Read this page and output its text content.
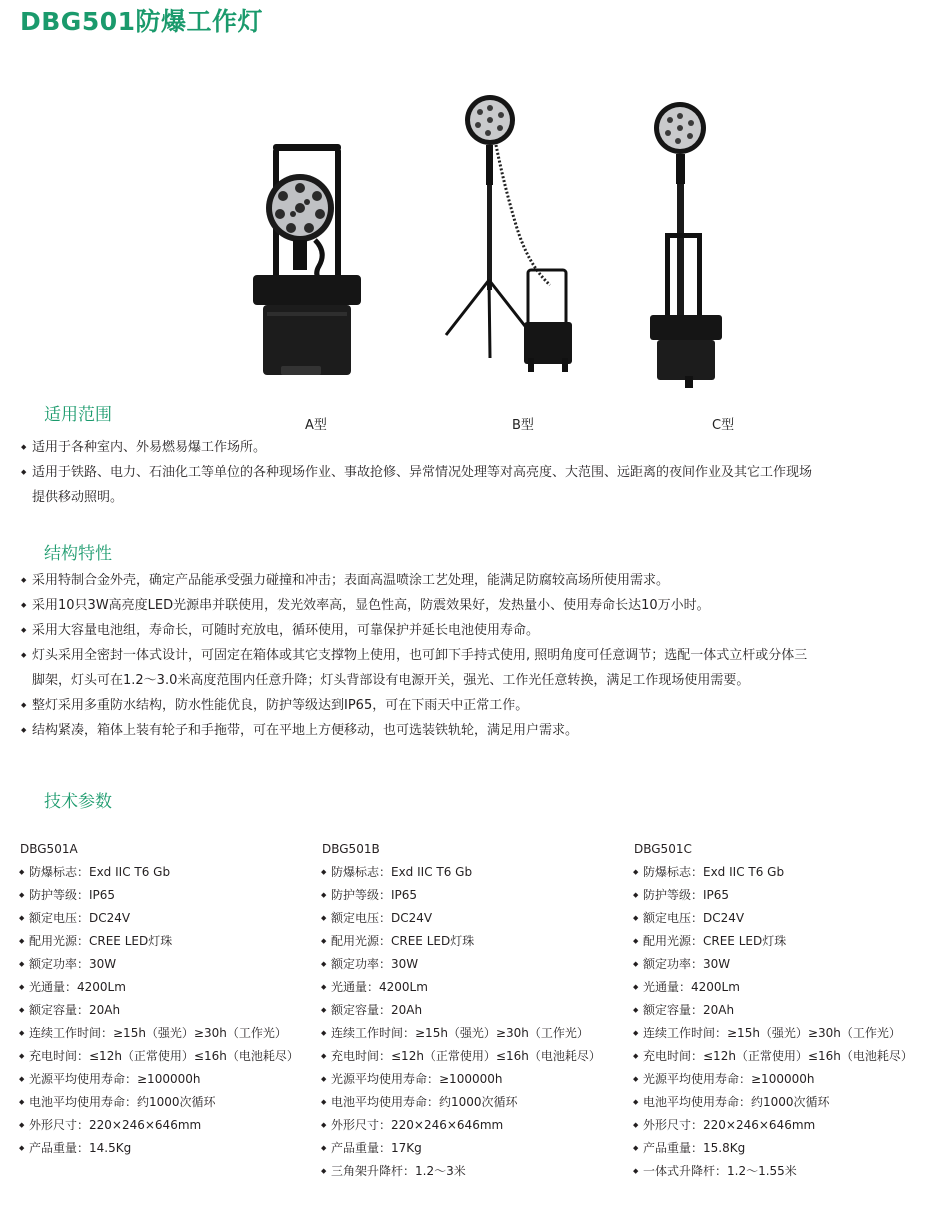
DBG501防爆工作灯
A型	B型	C型
适用范围
◆ 适用于各种室内、外易燃易爆工作场所。
◆ 适用于铁路、电力、石油化工等单位的各种现场作业、事故抢修、异常情况处理等对高亮度、大范围、远距离的夜间作业及其它工作现场
提供移动照明。
结构特性
◆ 采用特制合金外壳，确定产品能承受强力碰撞和冲击；表面高温喷涂工艺处理，能满足防腐较高场所使用需求。
◆ 采用10只3W高亮度LED光源串并联使用，发光效率高，显色性高，防震效果好，发热量小、使用寿命长达10万小时。
◆ 采用大容量电池组，寿命长，可随时充放电，循环使用，可靠保护并延长电池使用寿命。
◆ 灯头采用全密封一体式设计，可固定在箱体或其它支撑物上使用，也可卸下手持式使用, 照明角度可任意调节；选配一体式立杆或分体三
脚架，灯头可在1.2～3.0米高度范围内任意升降；灯头背部设有电源开关，强光、工作光任意转换，满足工作现场使用需要。
◆ 整灯采用多重防水结构，防水性能优良，防护等级达到IP65，可在下雨天中正常工作。
◆ 结构紧凑，箱体上装有轮子和手拖带，可在平地上方便移动，也可选装铁轨轮，满足用户需求。
技术参数
DBG501A
◆ 防爆标志：Exd IIC T6 Gb
◆ 防护等级：IP65
◆ 额定电压：DC24V
◆ 配用光源：CREE LED灯珠
◆ 额定功率：30W
◆ 光通量：4200Lm
◆ 额定容量：20Ah
◆ 连续工作时间：≥15h（强光）≥30h（工作光）
◆ 充电时间：≤12h（正常使用）≤16h（电池耗尽）
◆ 光源平均使用寿命：≥100000h
◆ 电池平均使用寿命：约1000次循环
◆ 外形尺寸：220×246×646mm
◆ 产品重量：14.5Kg
DBG501B
◆ 防爆标志：Exd IIC T6 Gb
◆ 防护等级：IP65
◆ 额定电压：DC24V
◆ 配用光源：CREE LED灯珠
◆ 额定功率：30W
◆ 光通量：4200Lm
◆ 额定容量：20Ah
◆ 连续工作时间：≥15h（强光）≥30h（工作光）
◆ 充电时间：≤12h（正常使用）≤16h（电池耗尽）
◆ 光源平均使用寿命：≥100000h
◆ 电池平均使用寿命：约1000次循环
◆ 外形尺寸：220×246×646mm
◆ 产品重量：17Kg
◆ 三角架升降杆：1.2～3米
DBG501C
◆ 防爆标志：Exd IIC T6 Gb
◆ 防护等级：IP65
◆ 额定电压：DC24V
◆ 配用光源：CREE LED灯珠
◆ 额定功率：30W
◆ 光通量：4200Lm
◆ 额定容量：20Ah
◆ 连续工作时间：≥15h（强光）≥30h（工作光）
◆ 充电时间：≤12h（正常使用）≤16h（电池耗尽）
◆ 光源平均使用寿命：≥100000h
◆ 电池平均使用寿命：约1000次循环
◆ 外形尺寸：220×246×646mm
◆ 产品重量：15.8Kg
◆ 一体式升降杆：1.2～1.55米
